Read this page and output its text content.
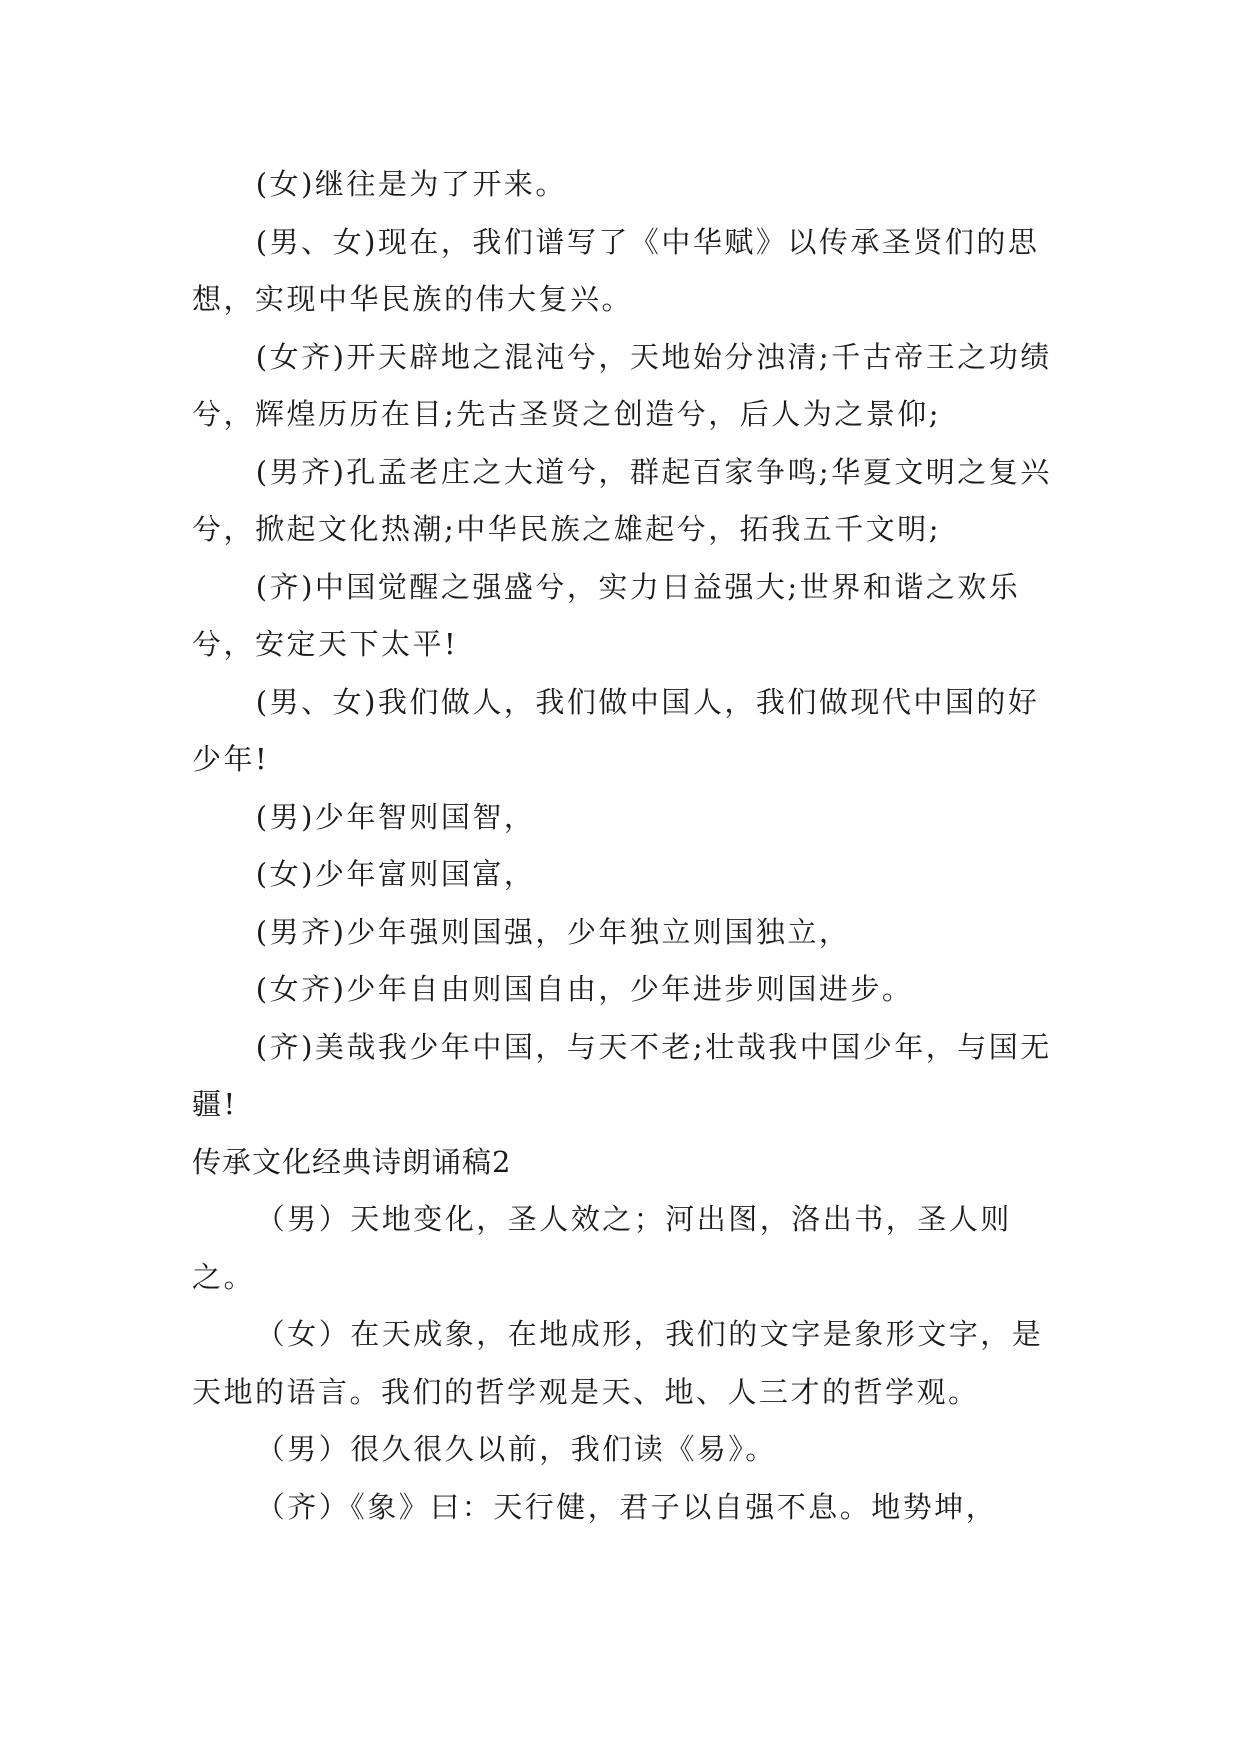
(女)继往是为了开来。

(男、女)现在，我们谱写了《中华赋》以传承圣贤们的思想，实现中华民族的伟大复兴。

(女齐)开天辟地之混沌兮，天地始分浊清;千古帝王之功绩兮，辉煌历历在目;先古圣贤之创造兮，后人为之景仰;

(男齐)孔孟老庄之大道兮，群起百家争鸣;华夏文明之复兴兮，掀起文化热潮;中华民族之雄起兮，拓我五千文明;

(齐)中国觉醒之强盛兮，实力日益强大;世界和谐之欢乐兮，安定天下太平!

(男、女)我们做人，我们做中国人，我们做现代中国的好少年!

(男)少年智则国智，

(女)少年富则国富，

(男齐)少年强则国强，少年独立则国独立，

(女齐)少年自由则国自由，少年进步则国进步。

(齐)美哉我少年中国，与天不老;壮哉我中国少年，与国无疆!

传承文化经典诗朗诵稿2

（男）天地变化，圣人效之；河出图，洛出书，圣人则之。

（女）在天成象，在地成形，我们的文字是象形文字，是天地的语言。我们的哲学观是天、地、人三才的哲学观。

（男）很久很久以前，我们读《易》。

（齐）《象》曰：天行健，君子以自强不息。地势坤，
